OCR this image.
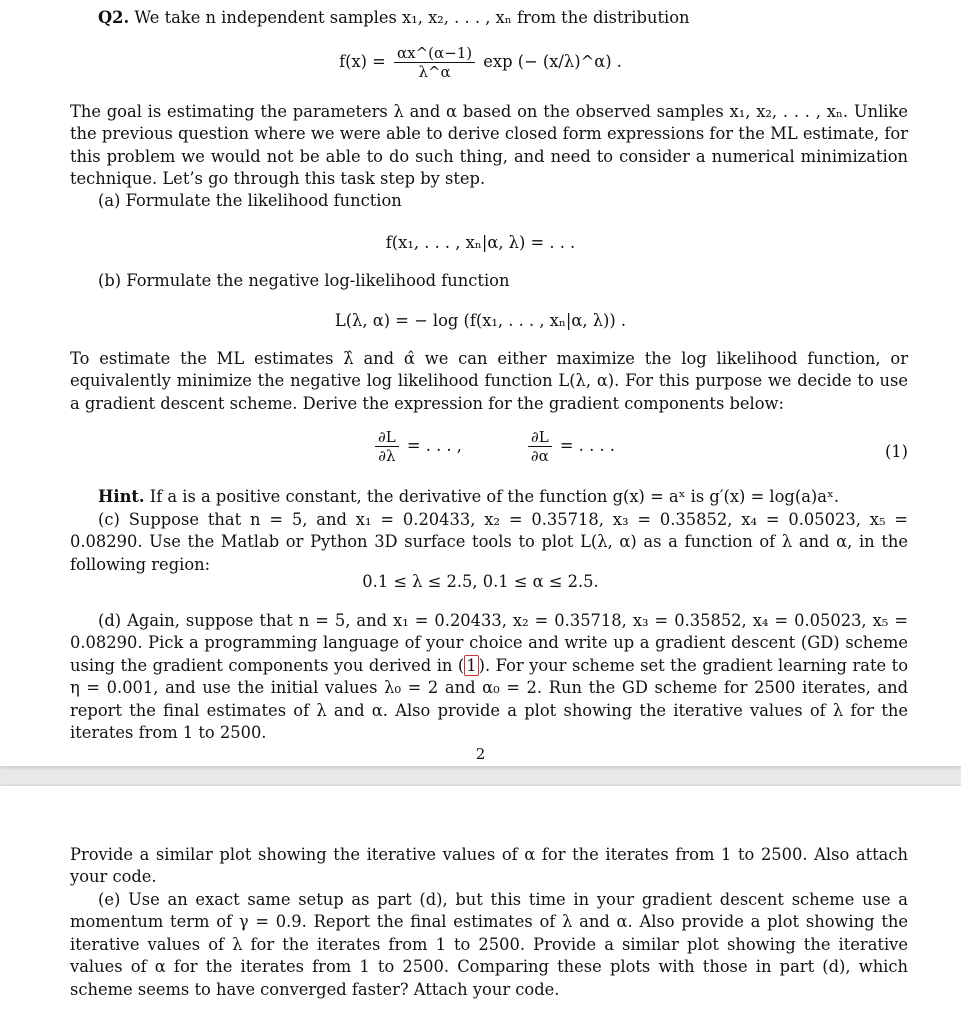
Q2. We take n independent samples x₁, x₂, . . . , xₙ from the distribution
$f(x) = \frac{\alpha x\^{}(\alpha-1)}{\lambda\^{}\alpha}$ exp (− (x/λ)^α) .
The goal is estimating the parameters λ and α based on the observed samples x₁, x₂, . . . , xₙ. Unlike the previous question where we were able to derive closed form expressions for the ML estimate, for this problem we would not be able to do such thing, and need to consider a numerical minimization technique. Let’s go through this task step by step.
(a) Formulate the likelihood function
f(x₁, . . . , xₙ|α, λ) = . . .
(b) Formulate the negative log-likelihood function
L(λ, α) = − log (f(x₁, . . . , xₙ|α, λ)) .
To estimate the ML estimates λ̂ and α̂ we can either maximize the log likelihood function, or equivalently minimize the negative log likelihood function L(λ, α). For this purpose we decide to use a gradient descent scheme. Derive the expression for the gradient components below:
$\frac{\partial L}{\partial\lambda}$ = . . . ,	$\frac{\partial L}{\partial\alpha}$ = . . . .	(1)
Hint. If a is a positive constant, the derivative of the function g(x) = aˣ is g′(x) = log(a)aˣ.
(c) Suppose that n = 5, and x₁ = 0.20433, x₂ = 0.35718, x₃ = 0.35852, x₄ = 0.05023, x₅ = 0.08290. Use the Matlab or Python 3D surface tools to plot L(λ, α) as a function of λ and α, in the following region:
0.1 ≤ λ ≤ 2.5, 0.1 ≤ α ≤ 2.5.
(d) Again, suppose that n = 5, and x₁ = 0.20433, x₂ = 0.35718, x₃ = 0.35852, x₄ = 0.05023, x₅ = 0.08290. Pick a programming language of your choice and write up a gradient descent (GD) scheme using the gradient components you derived in ( 1 ). For your scheme set the gradient learning rate to η = 0.001, and use the initial values λ₀ = 2 and α₀ = 2. Run the GD scheme for 2500 iterates, and report the final estimates of λ and α. Also provide a plot showing the iterative values of λ for the iterates from 1 to 2500.
2
Provide a similar plot showing the iterative values of α for the iterates from 1 to 2500. Also attach your code.
(e) Use an exact same setup as part (d), but this time in your gradient descent scheme use a momentum term of γ = 0.9. Report the final estimates of λ and α. Also provide a plot showing the iterative values of λ for the iterates from 1 to 2500. Provide a similar plot showing the iterative values of α for the iterates from 1 to 2500. Comparing these plots with those in part (d), which scheme seems to have converged faster? Attach your code.
